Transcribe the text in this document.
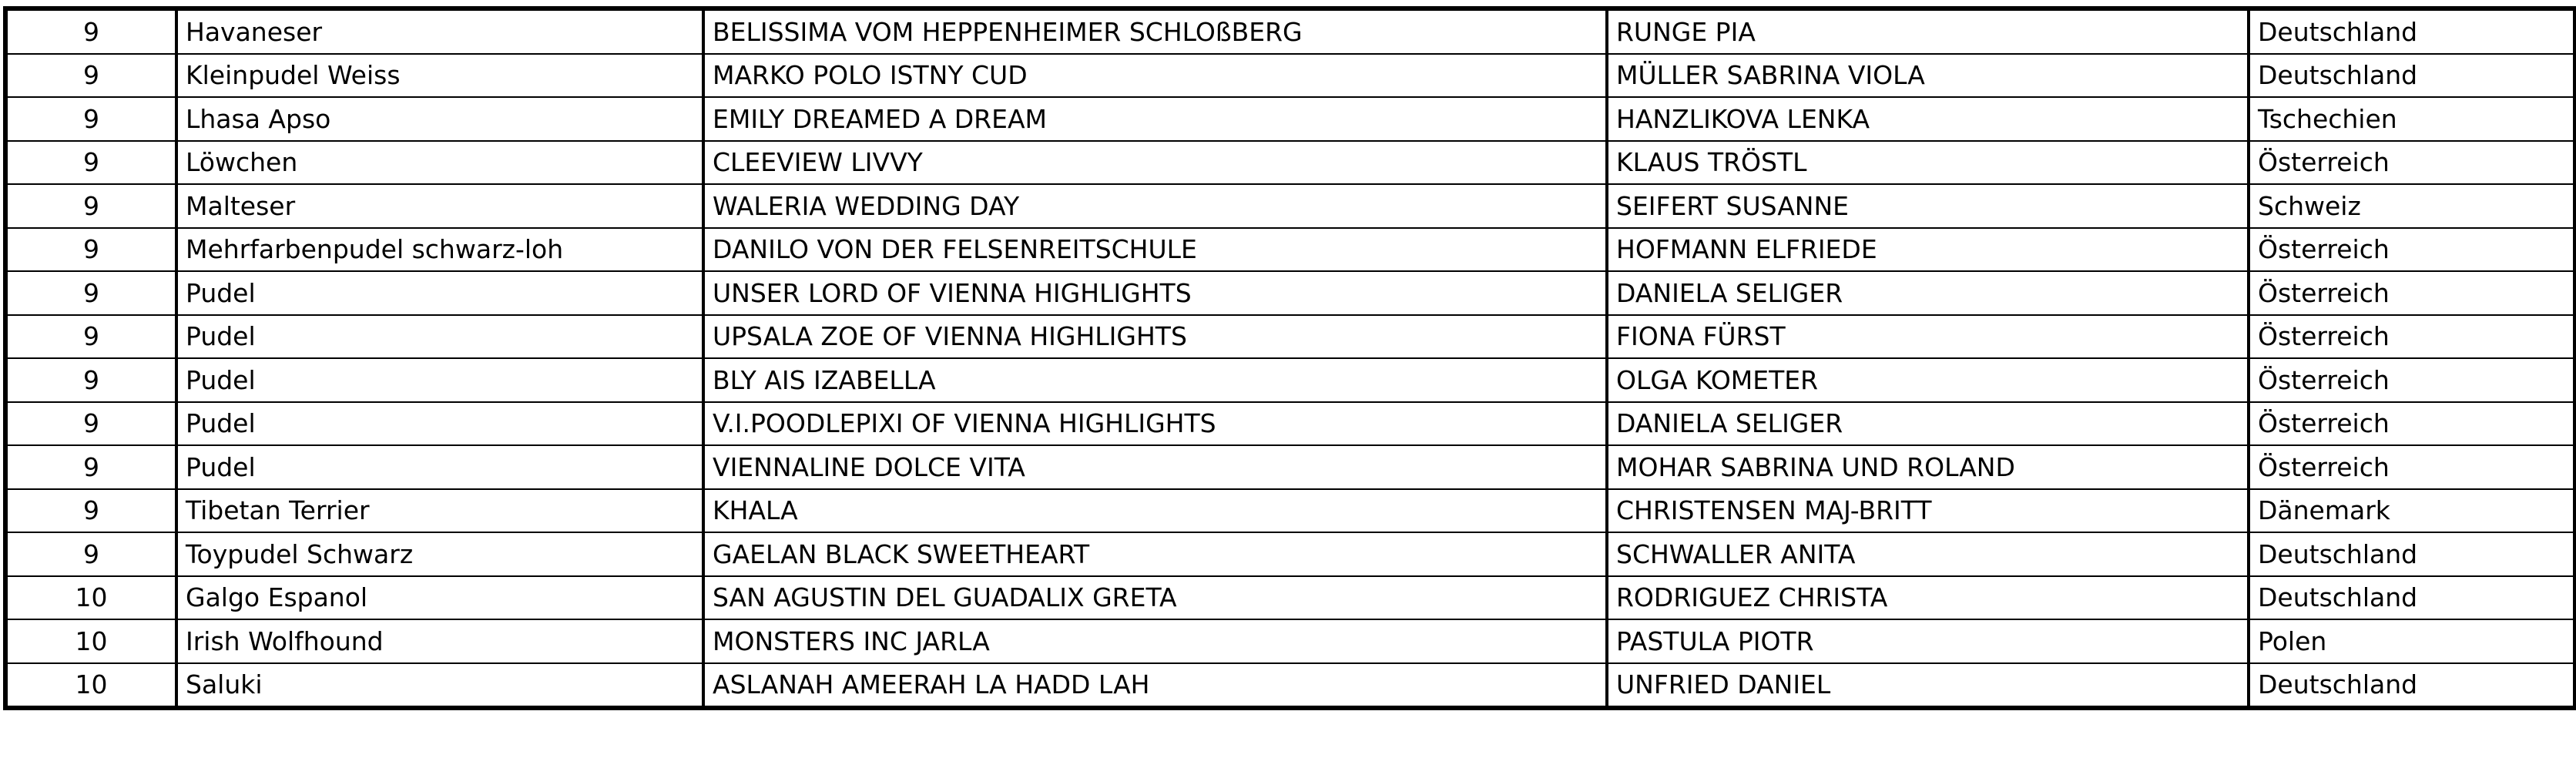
9	Havaneser	BELISSIMA VOM HEPPENHEIMER SCHLOßBERG	RUNGE PIA	Deutschland
9	Kleinpudel Weiss	MARKO POLO ISTNY CUD	MÜLLER SABRINA VIOLA	Deutschland
9	Lhasa Apso	EMILY DREAMED A DREAM	HANZLIKOVA LENKA	Tschechien
9	Löwchen	CLEEVIEW LIVVY	KLAUS TRÖSTL	Österreich
9	Malteser	WALERIA WEDDING DAY	SEIFERT SUSANNE	Schweiz
9	Mehrfarbenpudel schwarz-loh	DANILO VON DER FELSENREITSCHULE	HOFMANN ELFRIEDE	Österreich
9	Pudel	UNSER LORD OF VIENNA HIGHLIGHTS	DANIELA SELIGER	Österreich
9	Pudel	UPSALA ZOE OF VIENNA HIGHLIGHTS	FIONA FÜRST	Österreich
9	Pudel	BLY AIS IZABELLA	OLGA KOMETER	Österreich
9	Pudel	V.I.POODLEPIXI OF VIENNA HIGHLIGHTS	DANIELA SELIGER	Österreich
9	Pudel	VIENNALINE DOLCE VITA	MOHAR SABRINA UND ROLAND	Österreich
9	Tibetan Terrier	KHALA	CHRISTENSEN MAJ-BRITT	Dänemark
9	Toypudel Schwarz	GAELAN BLACK SWEETHEART	SCHWALLER ANITA	Deutschland
10	Galgo Espanol	SAN AGUSTIN DEL GUADALIX GRETA	RODRIGUEZ CHRISTA	Deutschland
10	Irish Wolfhound	MONSTERS INC JARLA	PASTULA PIOTR	Polen
10	Saluki	ASLANAH AMEERAH LA HADD LAH	UNFRIED DANIEL	Deutschland
